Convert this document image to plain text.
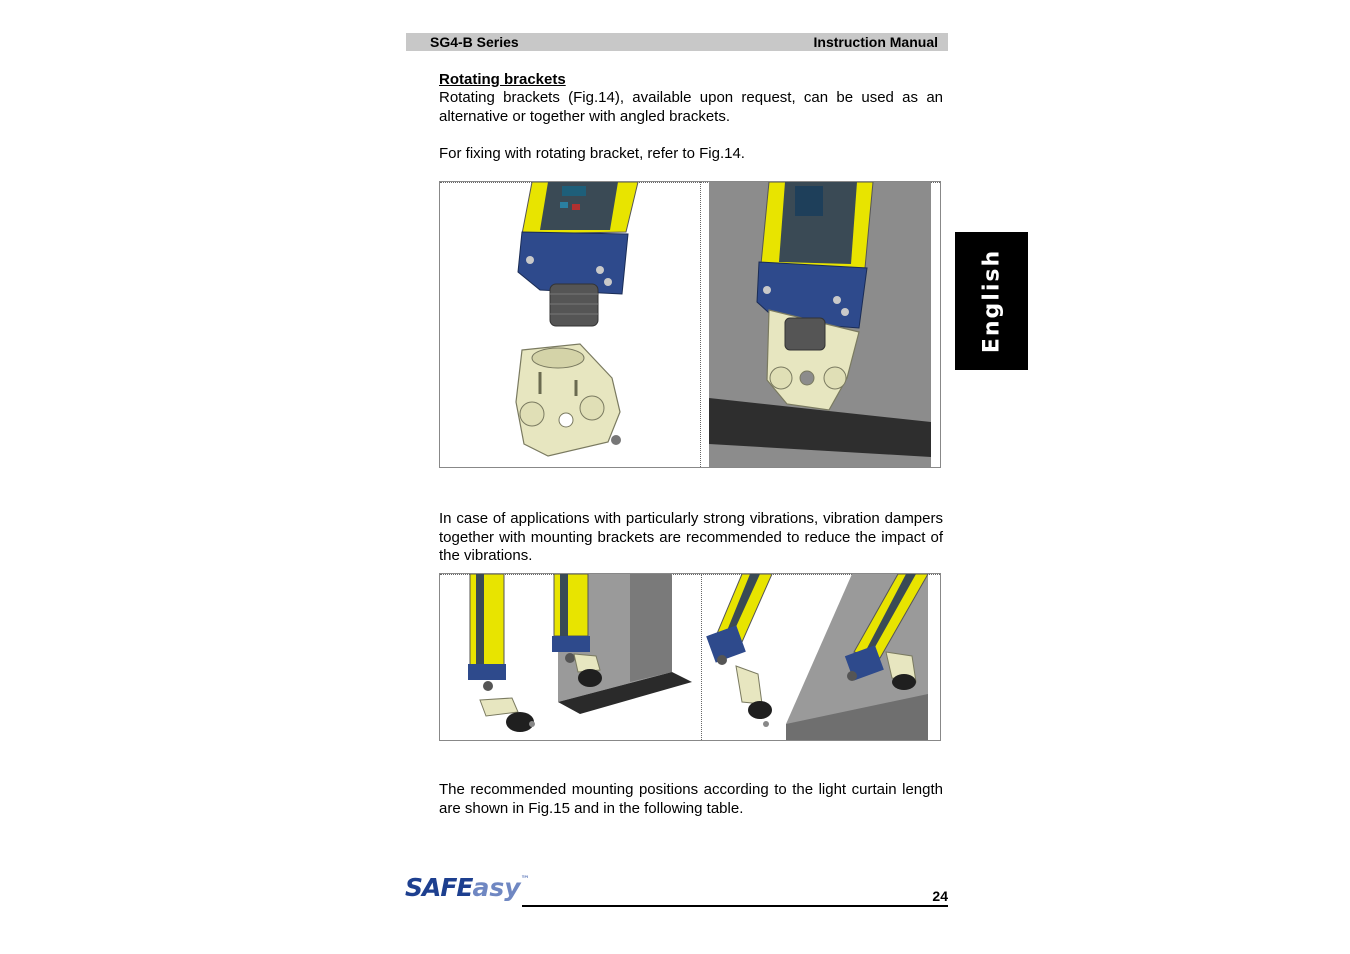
SG4-B Series	Instruction Manual
Rotating brackets
Rotating brackets (Fig.14), available upon request, can be used as an alternative or together with angled brackets.
For fixing with rotating bracket, refer to Fig.14.
In case of applications with particularly strong vibrations, vibration dampers together with mounting brackets are recommended to reduce the impact of the vibrations.
The recommended mounting positions according to the light curtain length are shown in Fig.15 and in the following table.
English
SAFEasy™
24
